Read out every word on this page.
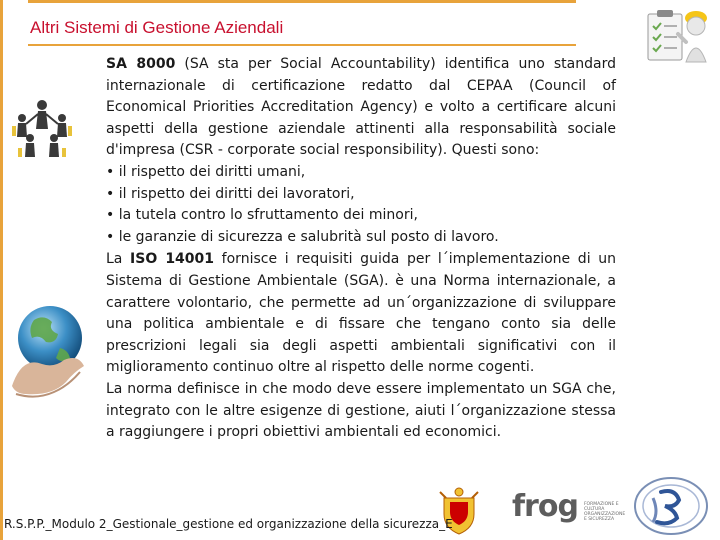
Altri Sistemi di Gestione Aziendali

SA 8000 (SA sta per Social Accountability) identifica uno standard internazionale di certificazione redatto dal CEPAA (Council of Economical Priorities Accreditation Agency) e volto a certificare alcuni aspetti della gestione aziendale attinenti alla responsabilità sociale d'impresa (CSR - corporate social responsibility). Questi sono:

• il rispetto dei diritti umani,

• il rispetto dei diritti dei lavoratori,

• la tutela contro lo sfruttamento dei minori,

• le garanzie di sicurezza e salubrità sul posto di lavoro.

La ISO 14001 fornisce i requisiti guida per l´implementazione di un Sistema di Gestione Ambientale (SGA). è una Norma internazionale, a carattere volontario, che permette ad un´organizzazione di sviluppare una politica ambientale e di fissare che tengano conto sia delle prescrizioni legali sia degli aspetti ambientali significativi con il miglioramento continuo oltre al rispetto delle norme cogenti.

La norma definisce in che modo deve essere implementato un SGA che, integrato con le altre esigenze di gestione, aiuti l´organizzazione stessa a raggiungere i propri obiettivi ambientali ed economici.

frog FORMAZIONE E CULTURA ORGANIZZAZIONE E SICUREZZA
R.S.P.P._Modulo 2_Gestionale_gestione ed organizzazione della sicurezza_E
